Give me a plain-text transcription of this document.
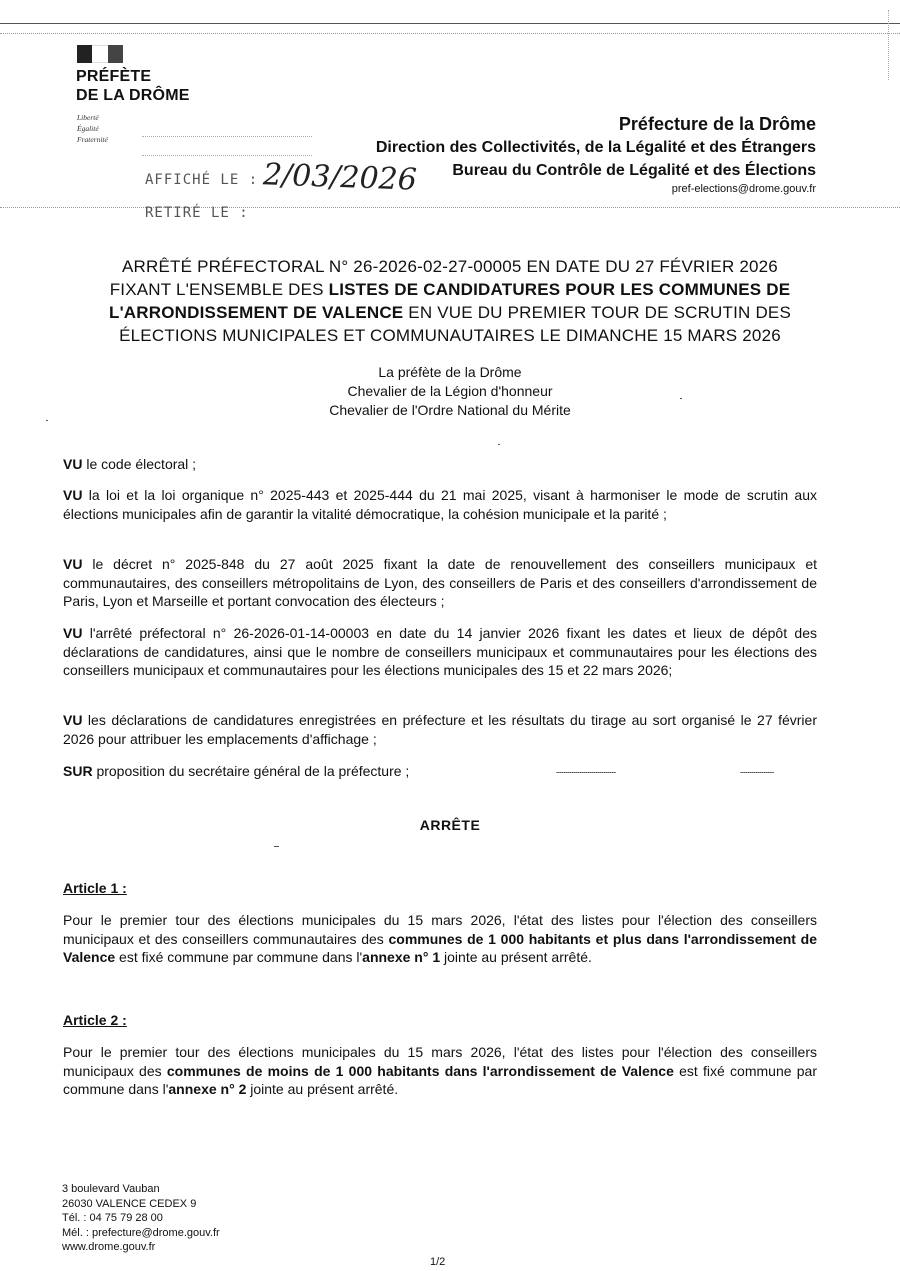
PRÉFÈTE
DE LA DRÔME
Liberté
Égalité
Fraternité
Préfecture de la Drôme
Direction des Collectivités, de la Légalité et des Étrangers
Bureau du Contrôle de Légalité et des Élections
pref-elections@drome.gouv.fr
AFFICHÉ LE : 2/03/2026
RETIRÉ LE :
ARRÊTÉ PRÉFECTORAL N° 26-2026-02-27-00005 EN DATE DU 27 FÉVRIER 2026
FIXANT L'ENSEMBLE DES LISTES DE CANDIDATURES POUR LES COMMUNES DE
L'ARRONDISSEMENT DE VALENCE EN VUE DU PREMIER TOUR DE SCRUTIN DES
ÉLECTIONS MUNICIPALES ET COMMUNAUTAIRES LE DIMANCHE 15 MARS 2026
La préfète de la Drôme
Chevalier de la Légion d'honneur
Chevalier de l'Ordre National du Mérite
VU le code électoral ;
VU la loi et la loi organique n° 2025-443 et 2025-444 du 21 mai 2025, visant à harmoniser le mode de scrutin aux élections municipales afin de garantir la vitalité démocratique, la cohésion municipale et la parité ;
VU le décret n° 2025-848 du 27 août 2025 fixant la date de renouvellement des conseillers municipaux et communautaires, des conseillers métropolitains de Lyon, des conseillers de Paris et des conseillers d'arrondissement de Paris, Lyon et Marseille et portant convocation des électeurs ;
VU l'arrêté préfectoral n° 26-2026-01-14-00003 en date du 14 janvier 2026 fixant les dates et lieux de dépôt des déclarations de candidatures, ainsi que le nombre de conseillers municipaux et communautaires pour les élections des conseillers municipaux et communautaires pour les élections municipales des 15 et 22 mars 2026;
VU les déclarations de candidatures enregistrées en préfecture et les résultats du tirage au sort organisé le 27 février 2026 pour attribuer les emplacements d'affichage ;
SUR proposition du secrétaire général de la préfecture ;
ARRÊTE
Article 1 :
Pour le premier tour des élections municipales du 15 mars 2026, l'état des listes pour l'élection des conseillers municipaux et des conseillers communautaires des communes de 1 000 habitants et plus dans l'arrondissement de Valence est fixé commune par commune dans l'annexe n° 1 jointe au présent arrêté.
Article 2 :
Pour le premier tour des élections municipales du 15 mars 2026, l'état des listes pour l'élection des conseillers municipaux des communes de moins de 1 000 habitants dans l'arrondissement de Valence est fixé commune par commune dans l'annexe n° 2 jointe au présent arrêté.
3 boulevard Vauban
26030 VALENCE CEDEX 9
Tél. : 04 75 79 28 00
Mél. : prefecture@drome.gouv.fr
www.drome.gouv.fr
1/2
